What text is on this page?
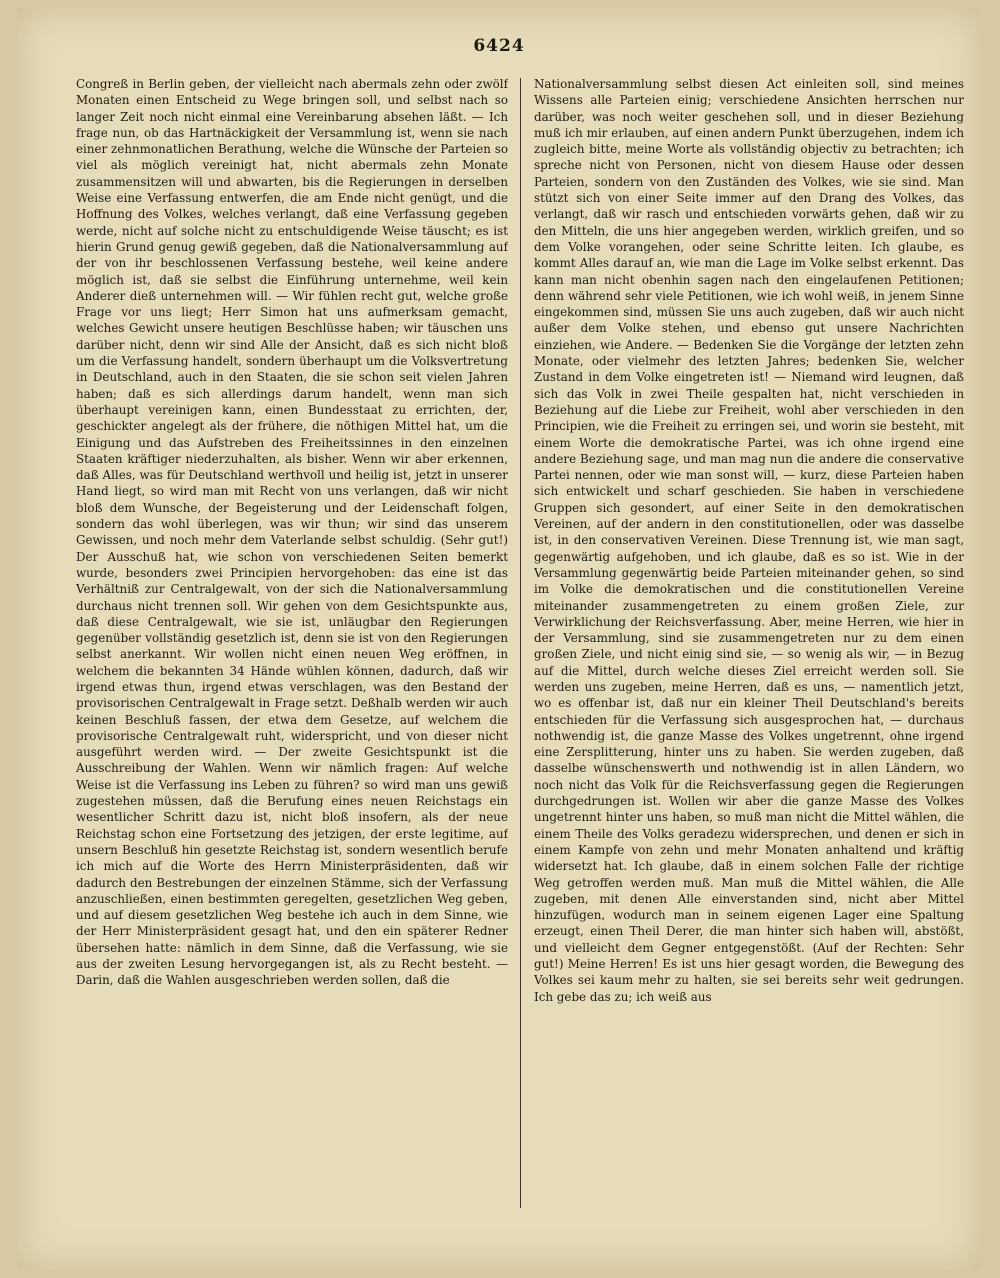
6424

Congreß in Berlin geben, der vielleicht nach abermals zehn oder zwölf Monaten einen Entscheid zu Wege bringen soll, und selbst nach so langer Zeit noch nicht einmal eine Vereinbarung absehen läßt. — Ich frage nun, ob das Hartnäckigkeit der Versammlung ist, wenn sie nach einer zehnmonatlichen Berathung, welche die Wünsche der Parteien so viel als möglich vereinigt hat, nicht abermals zehn Monate zusammensitzen will und abwarten, bis die Regierungen in derselben Weise eine Verfassung entwerfen, die am Ende nicht genügt, und die Hoffnung des Volkes, welches verlangt, daß eine Verfassung gegeben werde, nicht auf solche nicht zu entschuldigende Weise täuscht; es ist hierin Grund genug gewiß gegeben, daß die Nationalversammlung auf der von ihr beschlossenen Verfassung bestehe, weil keine andere möglich ist, daß sie selbst die Einführung unternehme, weil kein Anderer dieß unternehmen will. — Wir fühlen recht gut, welche große Frage vor uns liegt; Herr Simon hat uns aufmerksam gemacht, welches Gewicht unsere heutigen Beschlüsse haben; wir täuschen uns darüber nicht, denn wir sind Alle der Ansicht, daß es sich nicht bloß um die Verfassung handelt, sondern überhaupt um die Volksvertretung in Deutschland, auch in den Staaten, die sie schon seit vielen Jahren haben; daß es sich allerdings darum handelt, wenn man sich überhaupt vereinigen kann, einen Bundesstaat zu errichten, der, geschickter angelegt als der frühere, die nöthigen Mittel hat, um die Einigung und das Aufstreben des Freiheitssinnes in den einzelnen Staaten kräftiger niederzuhalten, als bisher. Wenn wir aber erkennen, daß Alles, was für Deutschland werthvoll und heilig ist, jetzt in unserer Hand liegt, so wird man mit Recht von uns verlangen, daß wir nicht bloß dem Wunsche, der Begeisterung und der Leidenschaft folgen, sondern das wohl überlegen, was wir thun; wir sind das unserem Gewissen, und noch mehr dem Vaterlande selbst schuldig. (Sehr gut!) Der Ausschuß hat, wie schon von verschiedenen Seiten bemerkt wurde, besonders zwei Principien hervorgehoben: das eine ist das Verhältniß zur Centralgewalt, von der sich die Nationalversammlung durchaus nicht trennen soll. Wir gehen von dem Gesichtspunkte aus, daß diese Centralgewalt, wie sie ist, unläugbar den Regierungen gegenüber vollständig gesetzlich ist, denn sie ist von den Regierungen selbst anerkannt. Wir wollen nicht einen neuen Weg eröffnen, in welchem die bekannten 34 Hände wühlen können, dadurch, daß wir irgend etwas thun, irgend etwas verschlagen, was den Bestand der provisorischen Centralgewalt in Frage setzt. Deßhalb werden wir auch keinen Beschluß fassen, der etwa dem Gesetze, auf welchem die provisorische Centralgewalt ruht, widerspricht, und von dieser nicht ausgeführt werden wird. — Der zweite Gesichtspunkt ist die Ausschreibung der Wahlen. Wenn wir nämlich fragen: Auf welche Weise ist die Verfassung ins Leben zu führen? so wird man uns gewiß zugestehen müssen, daß die Berufung eines neuen Reichstags ein wesentlicher Schritt dazu ist, nicht bloß insofern, als der neue Reichstag schon eine Fortsetzung des jetzigen, der erste legitime, auf unsern Beschluß hin gesetzte Reichstag ist, sondern wesentlich berufe ich mich auf die Worte des Herrn Ministerpräsidenten, daß wir dadurch den Bestrebungen der einzelnen Stämme, sich der Verfassung anzuschließen, einen bestimmten geregelten, gesetzlichen Weg geben, und auf diesem gesetzlichen Weg bestehe ich auch in dem Sinne, wie der Herr Ministerpräsident gesagt hat, und den ein späterer Redner übersehen hatte: nämlich in dem Sinne, daß die Verfassung, wie sie aus der zweiten Lesung hervorgegangen ist, als zu Recht besteht. — Darin, daß die Wahlen ausgeschrieben werden sollen, daß die

Nationalversammlung selbst diesen Act einleiten soll, sind meines Wissens alle Parteien einig; verschiedene Ansichten herrschen nur darüber, was noch weiter geschehen soll, und in dieser Beziehung muß ich mir erlauben, auf einen andern Punkt überzugehen, indem ich zugleich bitte, meine Worte als vollständig objectiv zu betrachten; ich spreche nicht von Personen, nicht von diesem Hause oder dessen Parteien, sondern von den Zuständen des Volkes, wie sie sind. Man stützt sich von einer Seite immer auf den Drang des Volkes, das verlangt, daß wir rasch und entschieden vorwärts gehen, daß wir zu den Mitteln, die uns hier angegeben werden, wirklich greifen, und so dem Volke vorangehen, oder seine Schritte leiten. Ich glaube, es kommt Alles darauf an, wie man die Lage im Volke selbst erkennt. Das kann man nicht obenhin sagen nach den eingelaufenen Petitionen; denn während sehr viele Petitionen, wie ich wohl weiß, in jenem Sinne eingekommen sind, müssen Sie uns auch zugeben, daß wir auch nicht außer dem Volke stehen, und ebenso gut unsere Nachrichten einziehen, wie Andere. — Bedenken Sie die Vorgänge der letzten zehn Monate, oder vielmehr des letzten Jahres; bedenken Sie, welcher Zustand in dem Volke eingetreten ist! — Niemand wird leugnen, daß sich das Volk in zwei Theile gespalten hat, nicht verschieden in Beziehung auf die Liebe zur Freiheit, wohl aber verschieden in den Principien, wie die Freiheit zu erringen sei, und worin sie besteht, mit einem Worte die demokratische Partei, was ich ohne irgend eine andere Beziehung sage, und man mag nun die andere die conservative Partei nennen, oder wie man sonst will, — kurz, diese Parteien haben sich entwickelt und scharf geschieden. Sie haben in verschiedene Gruppen sich gesondert, auf einer Seite in den demokratischen Vereinen, auf der andern in den constitutionellen, oder was dasselbe ist, in den conservativen Vereinen. Diese Trennung ist, wie man sagt, gegenwärtig aufgehoben, und ich glaube, daß es so ist. Wie in der Versammlung gegenwärtig beide Parteien miteinander gehen, so sind im Volke die demokratischen und die constitutionellen Vereine miteinander zusammengetreten zu einem großen Ziele, zur Verwirklichung der Reichsverfassung. Aber, meine Herren, wie hier in der Versammlung, sind sie zusammengetreten nur zu dem einen großen Ziele, und nicht einig sind sie, — so wenig als wir, — in Bezug auf die Mittel, durch welche dieses Ziel erreicht werden soll. Sie werden uns zugeben, meine Herren, daß es uns, — namentlich jetzt, wo es offenbar ist, daß nur ein kleiner Theil Deutschland's bereits entschieden für die Verfassung sich ausgesprochen hat, — durchaus nothwendig ist, die ganze Masse des Volkes ungetrennt, ohne irgend eine Zersplitterung, hinter uns zu haben. Sie werden zugeben, daß dasselbe wünschenswerth und nothwendig ist in allen Ländern, wo noch nicht das Volk für die Reichsverfassung gegen die Regierungen durchgedrungen ist. Wollen wir aber die ganze Masse des Volkes ungetrennt hinter uns haben, so muß man nicht die Mittel wählen, die einem Theile des Volks geradezu widersprechen, und denen er sich in einem Kampfe von zehn und mehr Monaten anhaltend und kräftig widersetzt hat. Ich glaube, daß in einem solchen Falle der richtige Weg getroffen werden muß. Man muß die Mittel wählen, die Alle zugeben, mit denen Alle einverstanden sind, nicht aber Mittel hinzufügen, wodurch man in seinem eigenen Lager eine Spaltung erzeugt, einen Theil Derer, die man hinter sich haben will, abstößt, und vielleicht dem Gegner entgegenstößt. (Auf der Rechten: Sehr gut!) Meine Herren! Es ist uns hier gesagt worden, die Bewegung des Volkes sei kaum mehr zu halten, sie sei bereits sehr weit gedrungen. Ich gebe das zu; ich weiß aus
